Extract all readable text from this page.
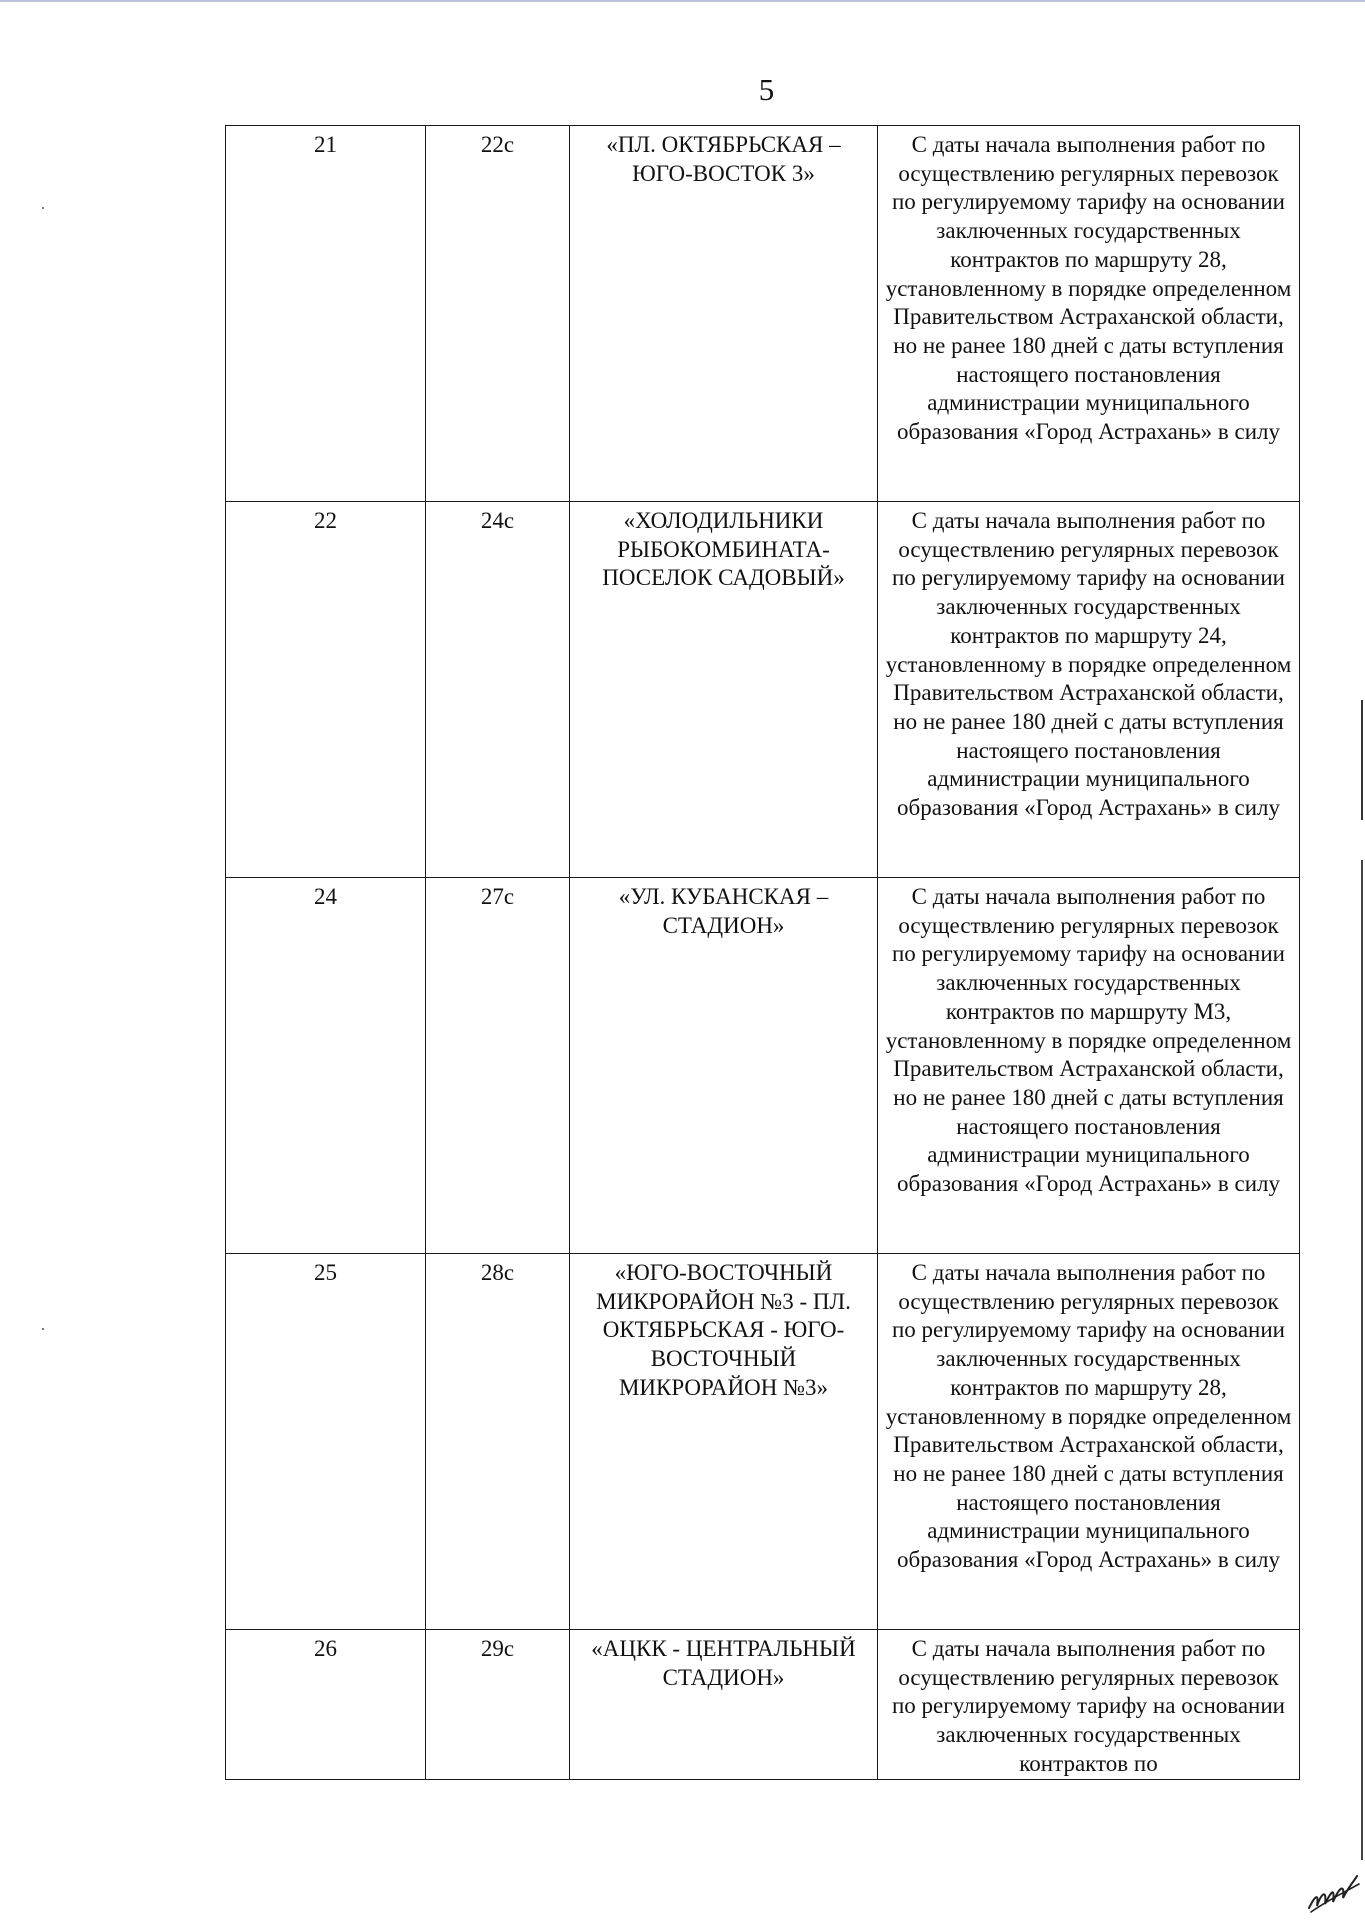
5
21	22с	«ПЛ. ОКТЯБРЬСКАЯ – ЮГО-ВОСТОК 3»	С даты начала выполнения работ по осуществлению регулярных перевозок по регулируемому тарифу на основании заключенных государственных контрактов по маршруту 28, установленному в порядке определенном Правительством Астраханской области, но не ранее 180 дней с даты вступления настоящего постановления администрации муниципального образования «Город Астрахань» в силу

22	24с	«ХОЛОДИЛЬНИКИ РЫБОКОМБИНАТА-ПОСЕЛОК САДОВЫЙ»	С даты начала выполнения работ по осуществлению регулярных перевозок по регулируемому тарифу на основании заключенных государственных контрактов по маршруту 24, установленному в порядке определенном Правительством Астраханской области, но не ранее 180 дней с даты вступления настоящего постановления администрации муниципального образования «Город Астрахань» в силу

24	27с	«УЛ. КУБАНСКАЯ – СТАДИОН»	С даты начала выполнения работ по осуществлению регулярных перевозок по регулируемому тарифу на основании заключенных государственных контрактов по маршруту М3, установленному в порядке определенном Правительством Астраханской области, но не ранее 180 дней с даты вступления настоящего постановления администрации муниципального образования «Город Астрахань» в силу

25	28с	«ЮГО-ВОСТОЧНЫЙ МИКРОРАЙОН №3 - ПЛ. ОКТЯБРЬСКАЯ - ЮГО-ВОСТОЧНЫЙ МИКРОРАЙОН №3»	С даты начала выполнения работ по осуществлению регулярных перевозок по регулируемому тарифу на основании заключенных государственных контрактов по маршруту 28, установленному в порядке определенном Правительством Астраханской области, но не ранее 180 дней с даты вступления настоящего постановления администрации муниципального образования «Город Астрахань» в силу

26	29с	«АЦКК - ЦЕНТРАЛЬНЫЙ СТАДИОН»	С даты начала выполнения работ по осуществлению регулярных перевозок по регулируемому тарифу на основании заключенных государственных контрактов по
